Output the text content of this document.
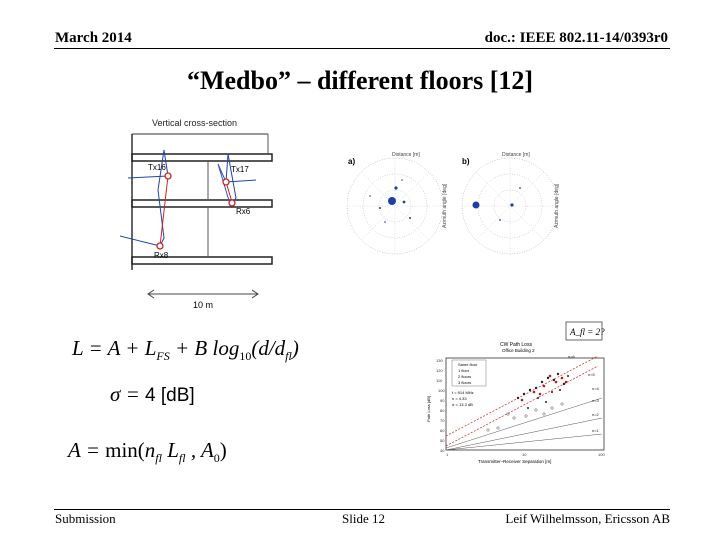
March 2014	doc.: IEEE 802.11-14/0393r0
“Medbo” – different floors [12]
Vertical cross-section
Tx16	Tx17
Rx6
Rx8
10 m
a)
Distance [m]
Azimuth angle [deg]
b)
Distance [m]
Azimuth angle [deg]
$L = A + L_{FS} + B$ $\log_{10}(d/d_{fl})$
σ = 4 [dB]
$A = \min(n_{fl}$ $L_{fl}$ , $A_0$)
A_fl = 2?
CW Path Loss
Office Building 2
Same floor
1 floor
2 floors
3 floors
f = 914 MHz
n = 4.33
σ = 13.3 dB
130
120
110
100
90
80
70
60
50
40
Path Loss [dB]
1	10	100
Transmitter–Receiver Separation [m]
n=6
n=5
n=4
n=3
n=2
n=1
Submission	Slide 12	Leif Wilhelmsson, Ericsson AB
